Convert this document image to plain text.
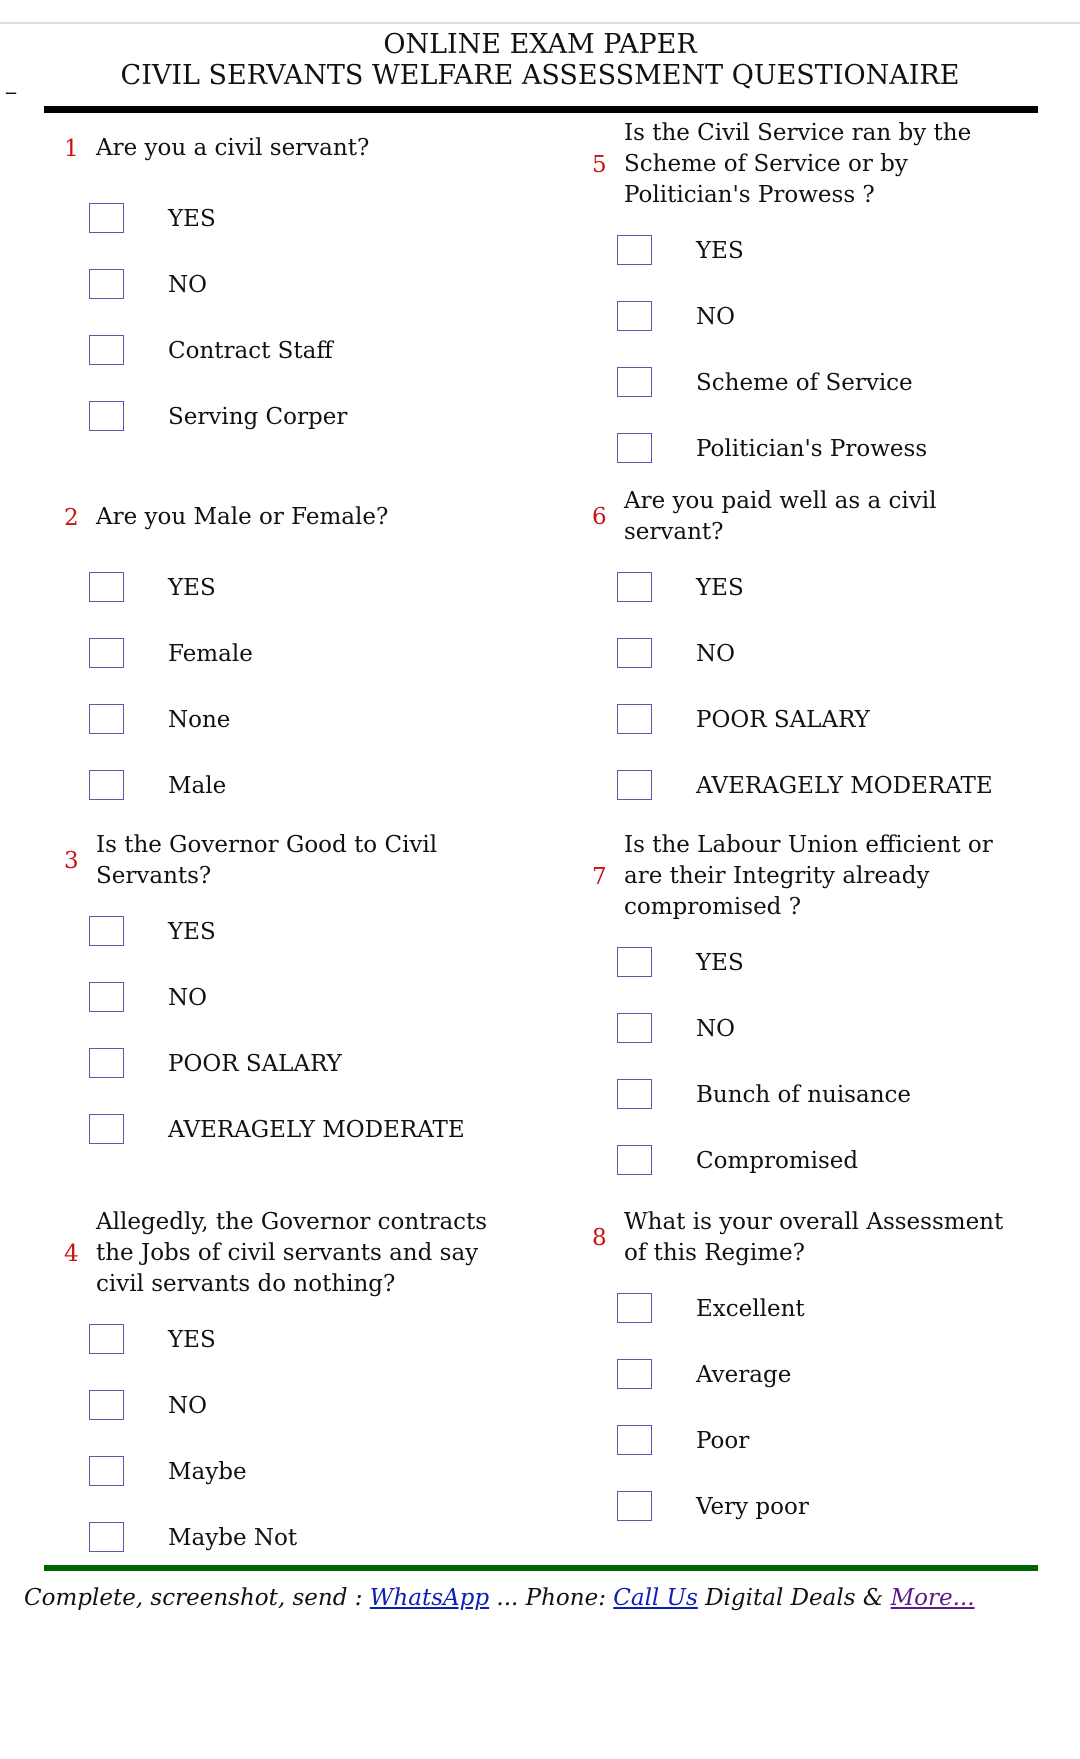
_
ONLINE EXAM PAPER
CIVIL SERVANTS WELFARE ASSESSMENT QUESTIONAIRE
1 Are you a civil servant?
YES
NO
Contract Staff
Serving Corper
2 Are you Male or Female?
YES
Female
None
Male
3
Is the Governor Good to Civil Servants?
YES
NO
POOR SALARY
AVERAGELY MODERATE
4
Allegedly, the Governor contracts the Jobs of civil servants and say civil servants do nothing?
YES
NO
Maybe
Maybe Not
5
Is the Civil Service ran by the Scheme of Service or by Politician's Prowess ?
YES
NO
Scheme of Service
Politician's Prowess
6
Are you paid well as a civil servant?
YES
NO
POOR SALARY
AVERAGELY MODERATE
7
Is the Labour Union efficient or are their Integrity already compromised ?
YES
NO
Bunch of nuisance
Compromised
8
What is your overall Assessment of this Regime?
Excellent
Average
Poor
Very poor
Complete, screenshot, send : WhatsApp ... Phone: Call Us Digital Deals & More...
